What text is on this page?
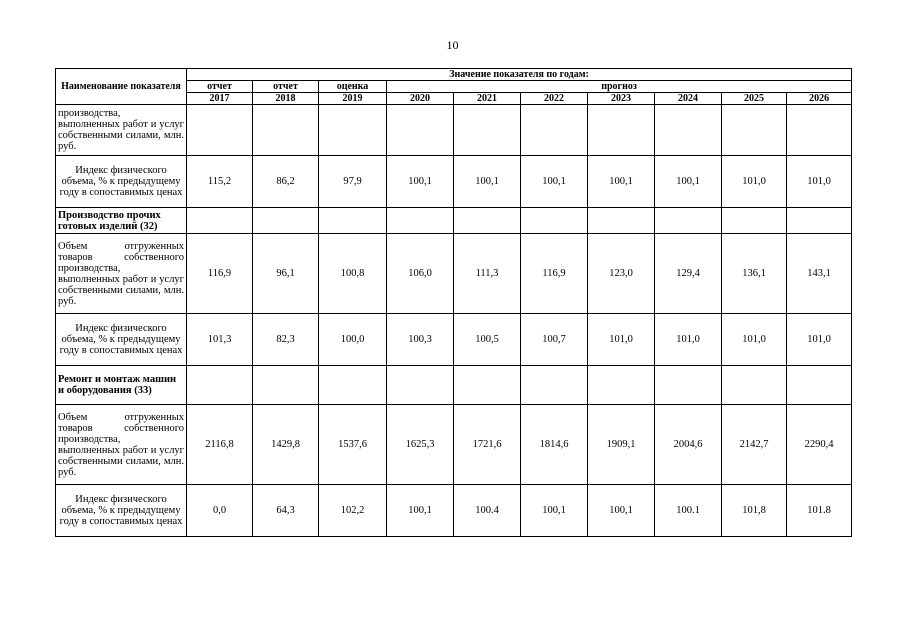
10
Наименование показателя	Значение показателя по годам:									
	отчет	отчет	оценка	прогноз						
	2017	2018	2019	2020	2021	2022	2023	2024	2025	2026
производства, выполненных работ и услуг собственными силами, млн. руб.										
Индекс физического объема, % к предыдущему году в сопоставимых ценах	115,2	86,2	97,9	100,1	100,1	100,1	100,1	100,1	101,0	101,0
Производство прочих готовых изделий (32)										
Объем отгруженных товаров собственного производства, выполненных работ и услуг собственными силами, млн. руб.	116,9	96,1	100,8	106,0	111,3	116,9	123,0	129,4	136,1	143,1
Индекс физического объема, % к предыдущему году в сопоставимых ценах	101,3	82,3	100,0	100,3	100,5	100,7	101,0	101,0	101,0	101,0
Ремонт и монтаж машин и оборудования (33)										
Объем отгруженных товаров собственного производства, выполненных работ и услуг собственными силами, млн. руб.	2116,8	1429,8	1537,6	1625,3	1721,6	1814,6	1909,1	2004,6	2142,7	2290,4
Индекс физического объема, % к предыдущему году в сопоставимых ценах	0,0	64,3	102,2	100,1	100.4	100,1	100,1	100.1	101,8	101.8
